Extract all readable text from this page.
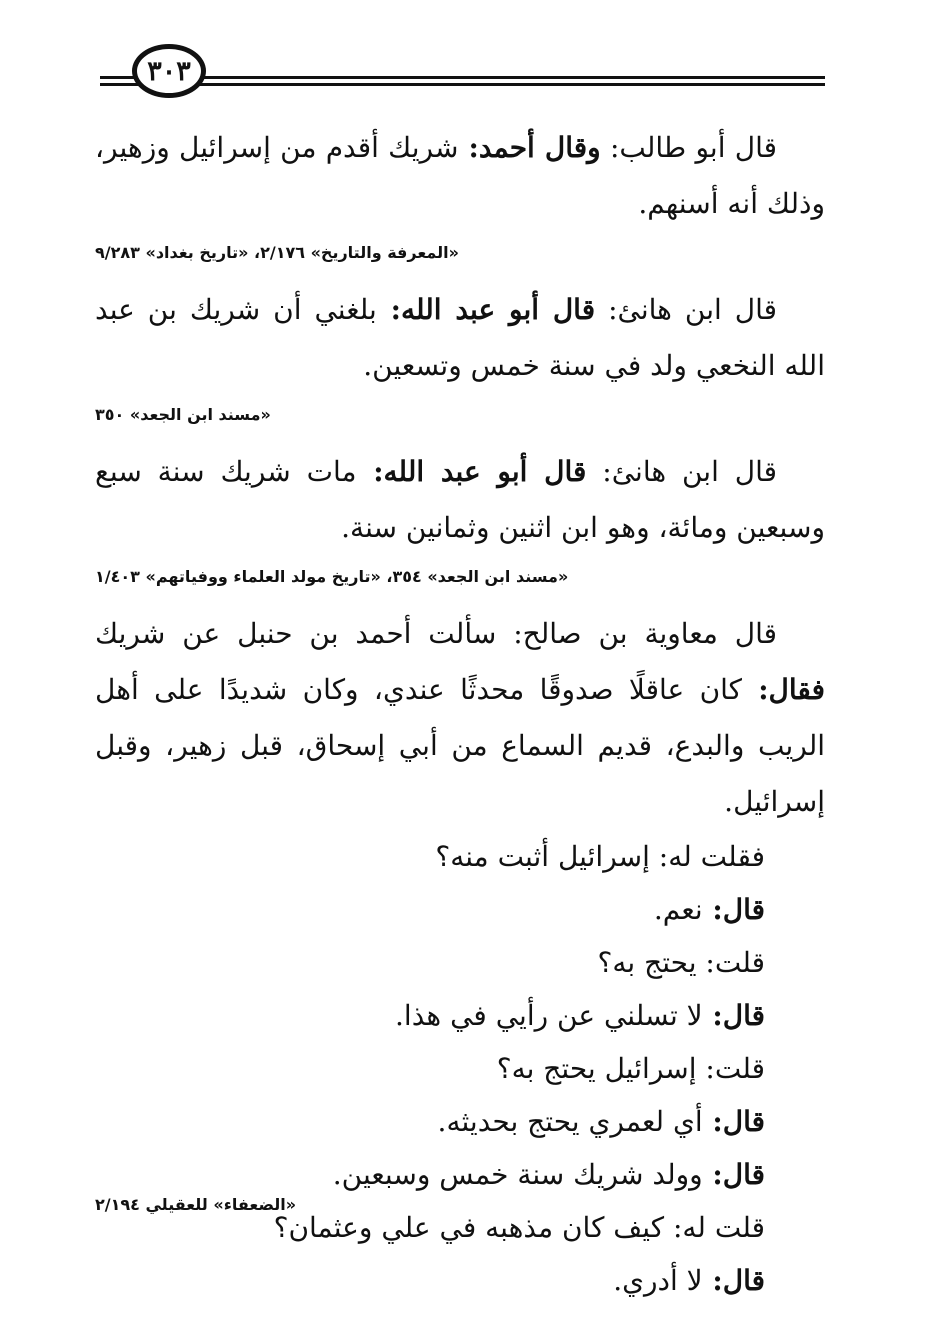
٣٠٣

قال أبو طالب: وقال أحمد: شريك أقدم من إسرائيل وزهير، وذلك أنه أسنهم.

«المعرفة والتاريخ» ٢/١٧٦، «تاريخ بغداد» ٩/٢٨٣

قال ابن هانئ: قال أبو عبد الله: بلغني أن شريك بن عبد الله النخعي ولد في سنة خمس وتسعين.

«مسند ابن الجعد» ٣٥٠

قال ابن هانئ: قال أبو عبد الله: مات شريك سنة سبع وسبعين ومائة، وهو ابن اثنين وثمانين سنة.

«مسند ابن الجعد» ٣٥٤، «تاريخ مولد العلماء ووفياتهم» ١/٤٠٣

قال معاوية بن صالح: سألت أحمد بن حنبل عن شريك فقال: كان عاقلًا صدوقًا محدثًا عندي، وكان شديدًا على أهل الريب والبدع، قديم السماع من أبي إسحاق، قبل زهير، وقبل إسرائيل.

فقلت له: إسرائيل أثبت منه؟

قال: نعم.

قلت: يحتج به؟

قال: لا تسلني عن رأيي في هذا.

قلت: إسرائيل يحتج به؟

قال: أي لعمري يحتج بحديثه.

قال: وولد شريك سنة خمس وسبعين.

قلت له: كيف كان مذهبه في علي وعثمان؟

قال: لا أدري.

«الضعفاء» للعقيلي ٢/١٩٤
